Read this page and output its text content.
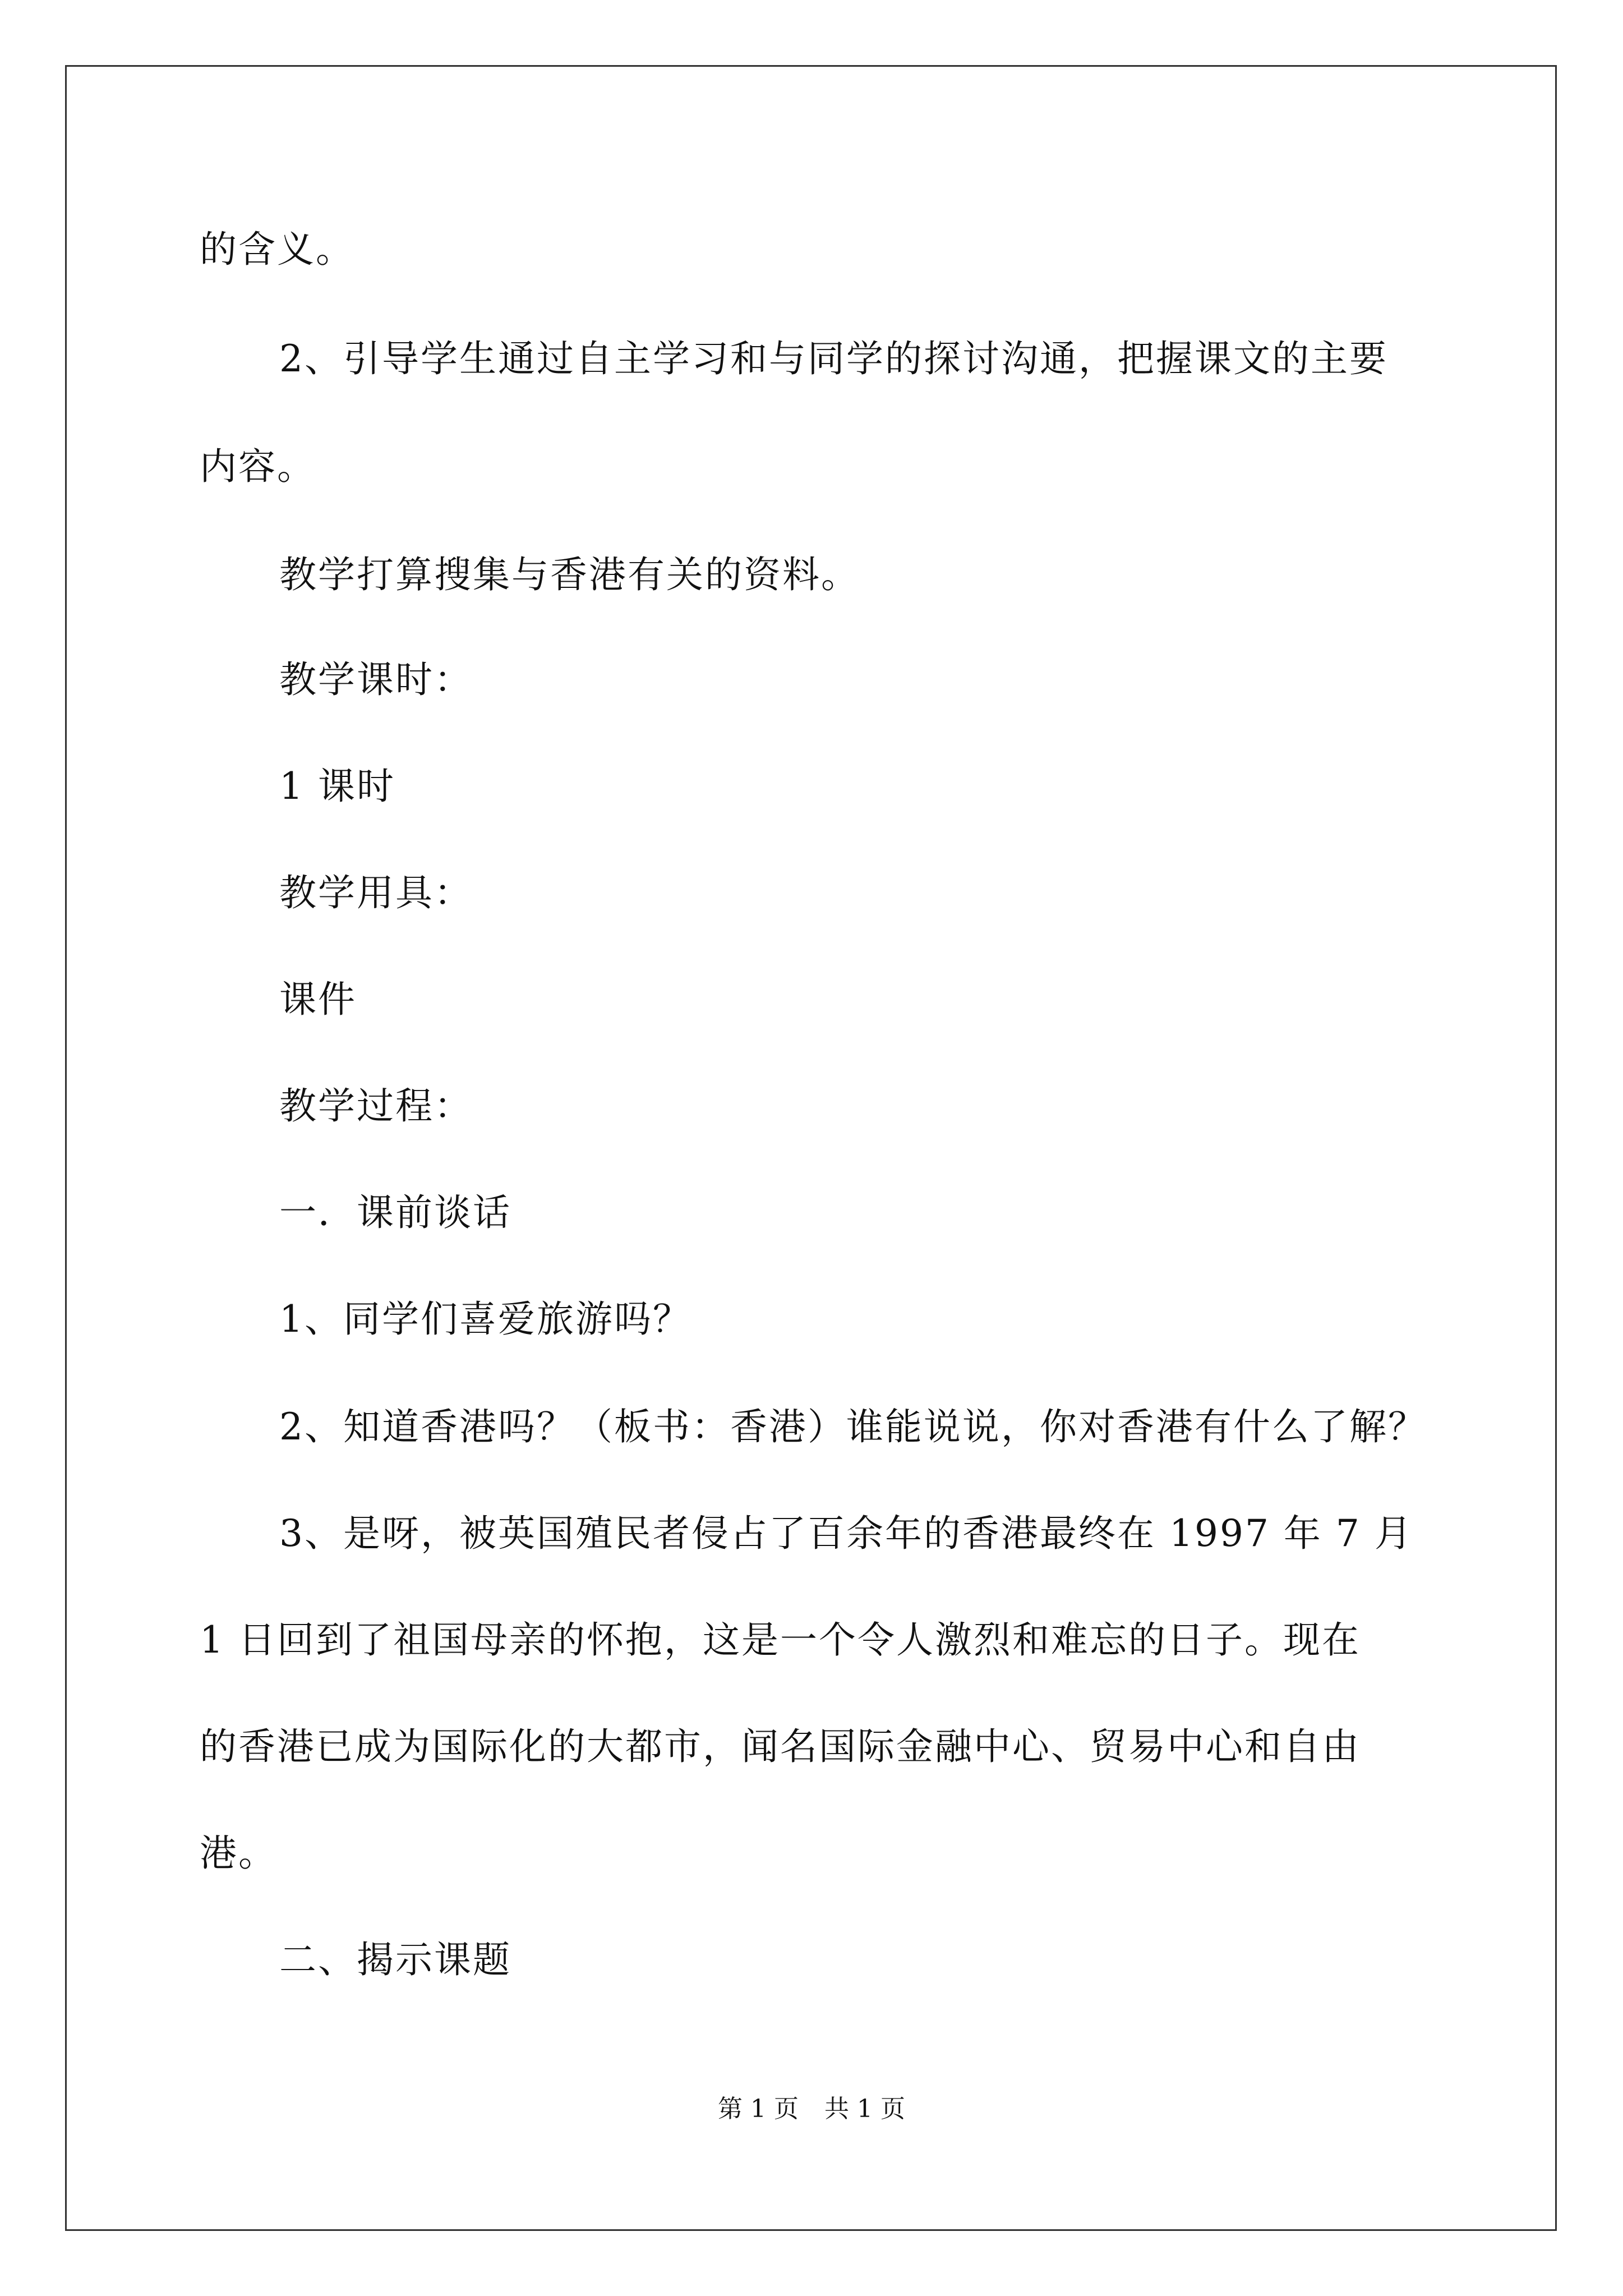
的含义。
2、引导学生通过自主学习和与同学的探讨沟通，把握课文的主要
内容。
教学打算搜集与香港有关的资料。
教学课时：
1 课时
教学用具：
课件
教学过程：
一．课前谈话
1、同学们喜爱旅游吗？
2、知道香港吗？（板书：香港）谁能说说，你对香港有什么了解？
3、是呀，被英国殖民者侵占了百余年的香港最终在 1997 年 7 月
1 日回到了祖国母亲的怀抱，这是一个令人激烈和难忘的日子。现在
的香港已成为国际化的大都市，闻名国际金融中心、贸易中心和自由
港。
二、揭示课题
第 1 页 共 1 页
